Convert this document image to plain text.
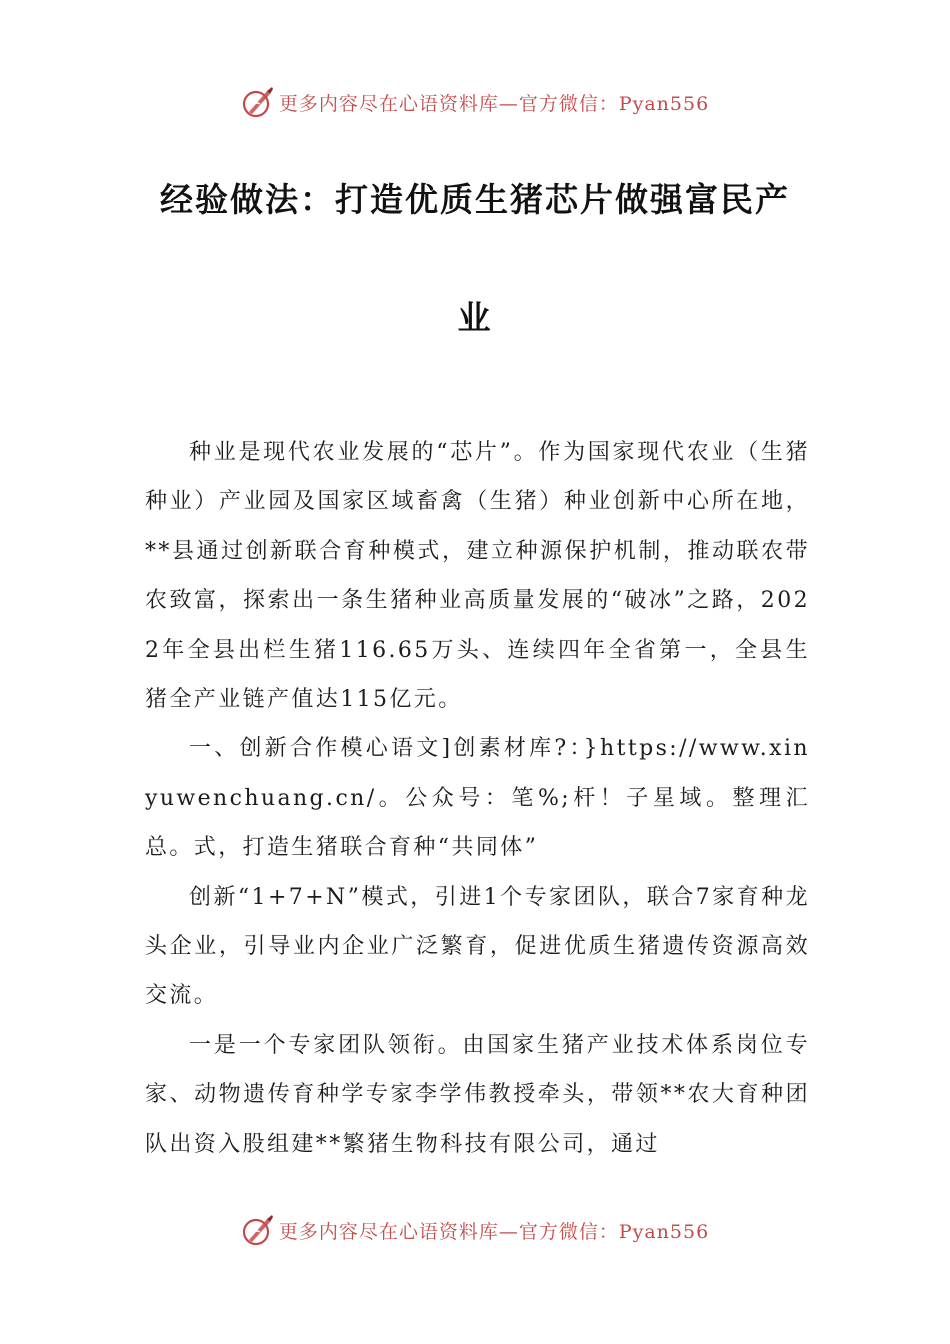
更多内容尽在心语资料库—官方微信：Pyan556
经验做法：打造优质生猪芯片做强富民产
业

种业是现代农业发展的“芯片”。作为国家现代农业（生猪种业）产业园及国家区域畜禽（生猪）种业创新中心所在地，**县通过创新联合育种模式，建立种源保护机制，推动联农带农致富，探索出一条生猪种业高质量发展的“破冰”之路，2022年全县出栏生猪116.65万头、连续四年全省第一，全县生猪全产业链产值达115亿元。

一、创新合作模心语文]创素材库?：}https://www.xinyuwenchuang.cn/。公众号：笔%;杆！子星域。整理汇总。式，打造生猪联合育种“共同体”

创新“1+7+N”模式，引进1个专家团队，联合7家育种龙头企业，引导业内企业广泛繁育，促进优质生猪遗传资源高效交流。

一是一个专家团队领衔。由国家生猪产业技术体系岗位专家、动物遗传育种学专家李学伟教授牵头，带领**农大育种团队出资入股组建**繁猪生物科技有限公司，通过

更多内容尽在心语资料库—官方微信：Pyan556
